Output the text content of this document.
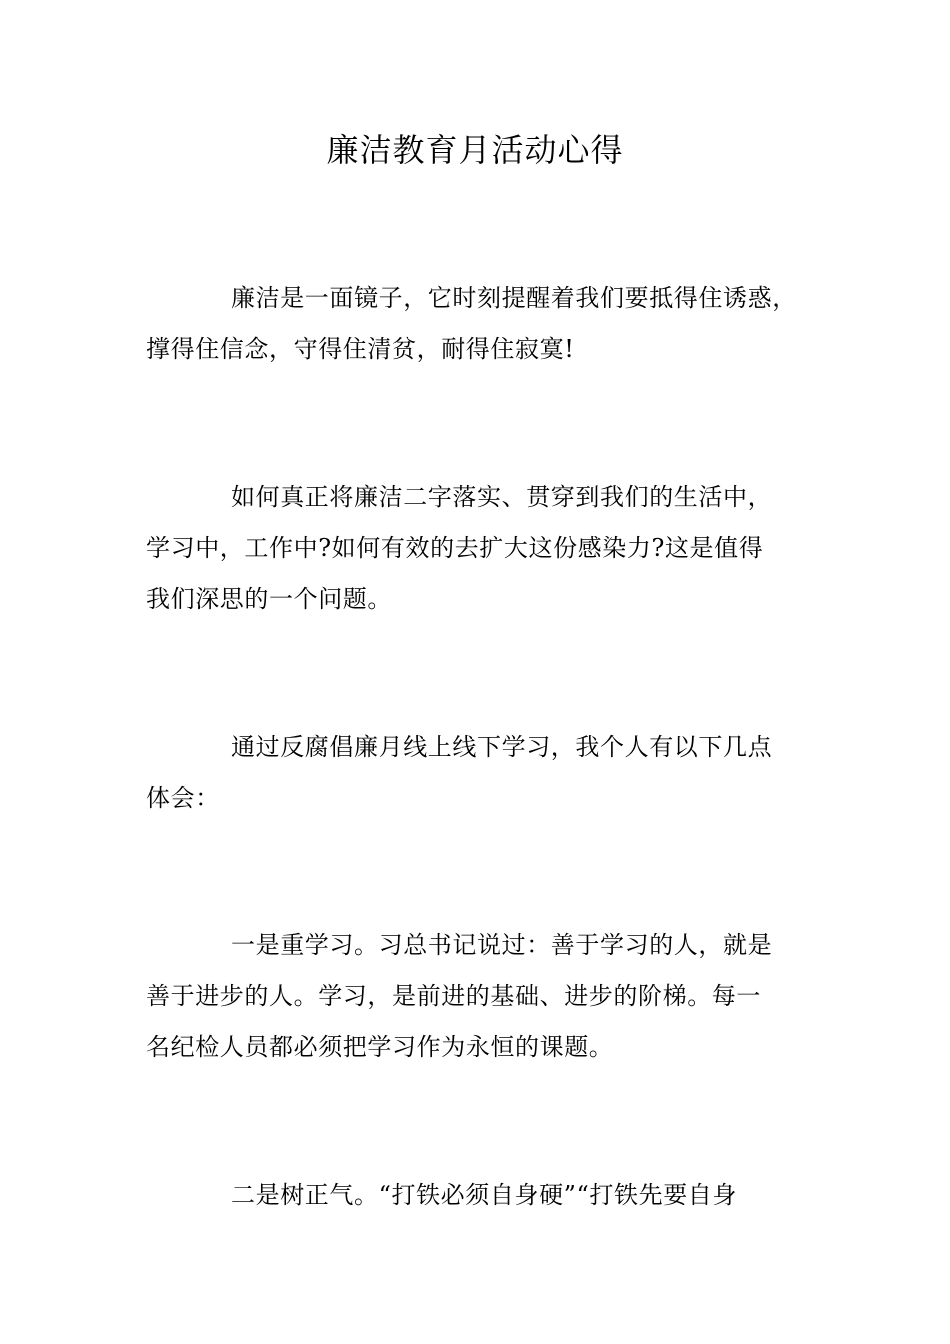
廉洁教育月活动心得

廉洁是一面镜子，它时刻提醒着我们要抵得住诱惑，
撑得住信念，守得住清贫，耐得住寂寞!

如何真正将廉洁二字落实、贯穿到我们的生活中，
学习中，工作中?如何有效的去扩大这份感染力?这是值得
我们深思的一个问题。

通过反腐倡廉月线上线下学习，我个人有以下几点
体会：

一是重学习。习总书记说过：善于学习的人，就是
善于进步的人。学习，是前进的基础、进步的阶梯。每一
名纪检人员都必须把学习作为永恒的课题。

二是树正气。“打铁必须自身硬”“打铁先要自身
